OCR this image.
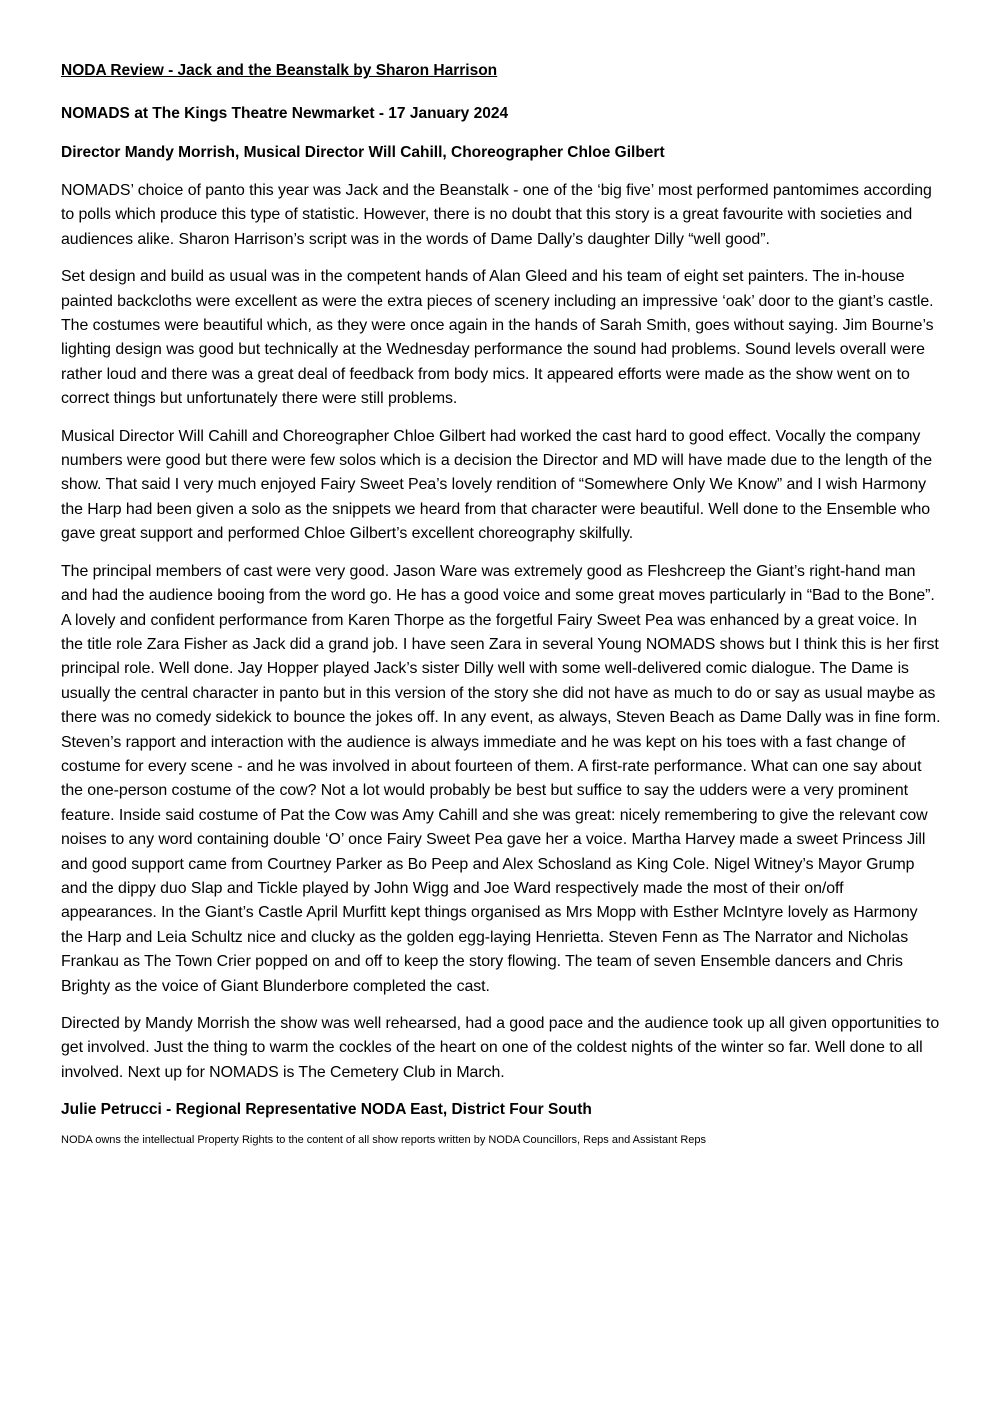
NODA Review - Jack and the Beanstalk by Sharon Harrison

NOMADS at The Kings Theatre Newmarket - 17 January 2024

Director Mandy Morrish, Musical Director Will Cahill, Choreographer Chloe Gilbert

NOMADS’ choice of panto this year was Jack and the Beanstalk - one of the ‘big five’ most performed pantomimes according to polls which produce this type of statistic. However, there is no doubt that this story is a great favourite with societies and audiences alike. Sharon Harrison’s script was in the words of Dame Dally’s daughter Dilly “well good”.

Set design and build as usual was in the competent hands of Alan Gleed and his team of eight set painters. The in-house painted backcloths were excellent as were the extra pieces of scenery including an impressive ‘oak’ door to the giant’s castle. The costumes were beautiful which, as they were once again in the hands of Sarah Smith, goes without saying. Jim Bourne’s lighting design was good but technically at the Wednesday performance the sound had problems. Sound levels overall were rather loud and there was a great deal of feedback from body mics. It appeared efforts were made as the show went on to correct things but unfortunately there were still problems.

Musical Director Will Cahill and Choreographer Chloe Gilbert had worked the cast hard to good effect. Vocally the company numbers were good but there were few solos which is a decision the Director and MD will have made due to the length of the show. That said I very much enjoyed Fairy Sweet Pea’s lovely rendition of “Somewhere Only We Know” and I wish Harmony the Harp had been given a solo as the snippets we heard from that character were beautiful. Well done to the Ensemble who gave great support and performed Chloe Gilbert’s excellent choreography skilfully.

The principal members of cast were very good. Jason Ware was extremely good as Fleshcreep the Giant’s right-hand man and had the audience booing from the word go. He has a good voice and some great moves particularly in “Bad to the Bone”. A lovely and confident performance from Karen Thorpe as the forgetful Fairy Sweet Pea was enhanced by a great voice. In the title role Zara Fisher as Jack did a grand job. I have seen Zara in several Young NOMADS shows but I think this is her first principal role. Well done. Jay Hopper played Jack’s sister Dilly well with some well-delivered comic dialogue. The Dame is usually the central character in panto but in this version of the story she did not have as much to do or say as usual maybe as there was no comedy sidekick to bounce the jokes off. In any event, as always, Steven Beach as Dame Dally was in fine form. Steven’s rapport and interaction with the audience is always immediate and he was kept on his toes with a fast change of costume for every scene - and he was involved in about fourteen of them. A first-rate performance. What can one say about the one-person costume of the cow? Not a lot would probably be best but suffice to say the udders were a very prominent feature. Inside said costume of Pat the Cow was Amy Cahill and she was great: nicely remembering to give the relevant cow noises to any word containing double ‘O’ once Fairy Sweet Pea gave her a voice. Martha Harvey made a sweet Princess Jill and good support came from Courtney Parker as Bo Peep and Alex Schosland as King Cole. Nigel Witney’s Mayor Grump and the dippy duo Slap and Tickle played by John Wigg and Joe Ward respectively made the most of their on/off appearances. In the Giant’s Castle April Murfitt kept things organised as Mrs Mopp with Esther McIntyre lovely as Harmony the Harp and Leia Schultz nice and clucky as the golden egg-laying Henrietta. Steven Fenn as The Narrator and Nicholas Frankau as The Town Crier popped on and off to keep the story flowing. The team of seven Ensemble dancers and Chris Brighty as the voice of Giant Blunderbore completed the cast.

Directed by Mandy Morrish the show was well rehearsed, had a good pace and the audience took up all given opportunities to get involved. Just the thing to warm the cockles of the heart on one of the coldest nights of the winter so far. Well done to all involved. Next up for NOMADS is The Cemetery Club in March.

Julie Petrucci - Regional Representative NODA East, District Four South

NODA owns the intellectual Property Rights to the content of all show reports written by NODA Councillors, Reps and Assistant Reps
